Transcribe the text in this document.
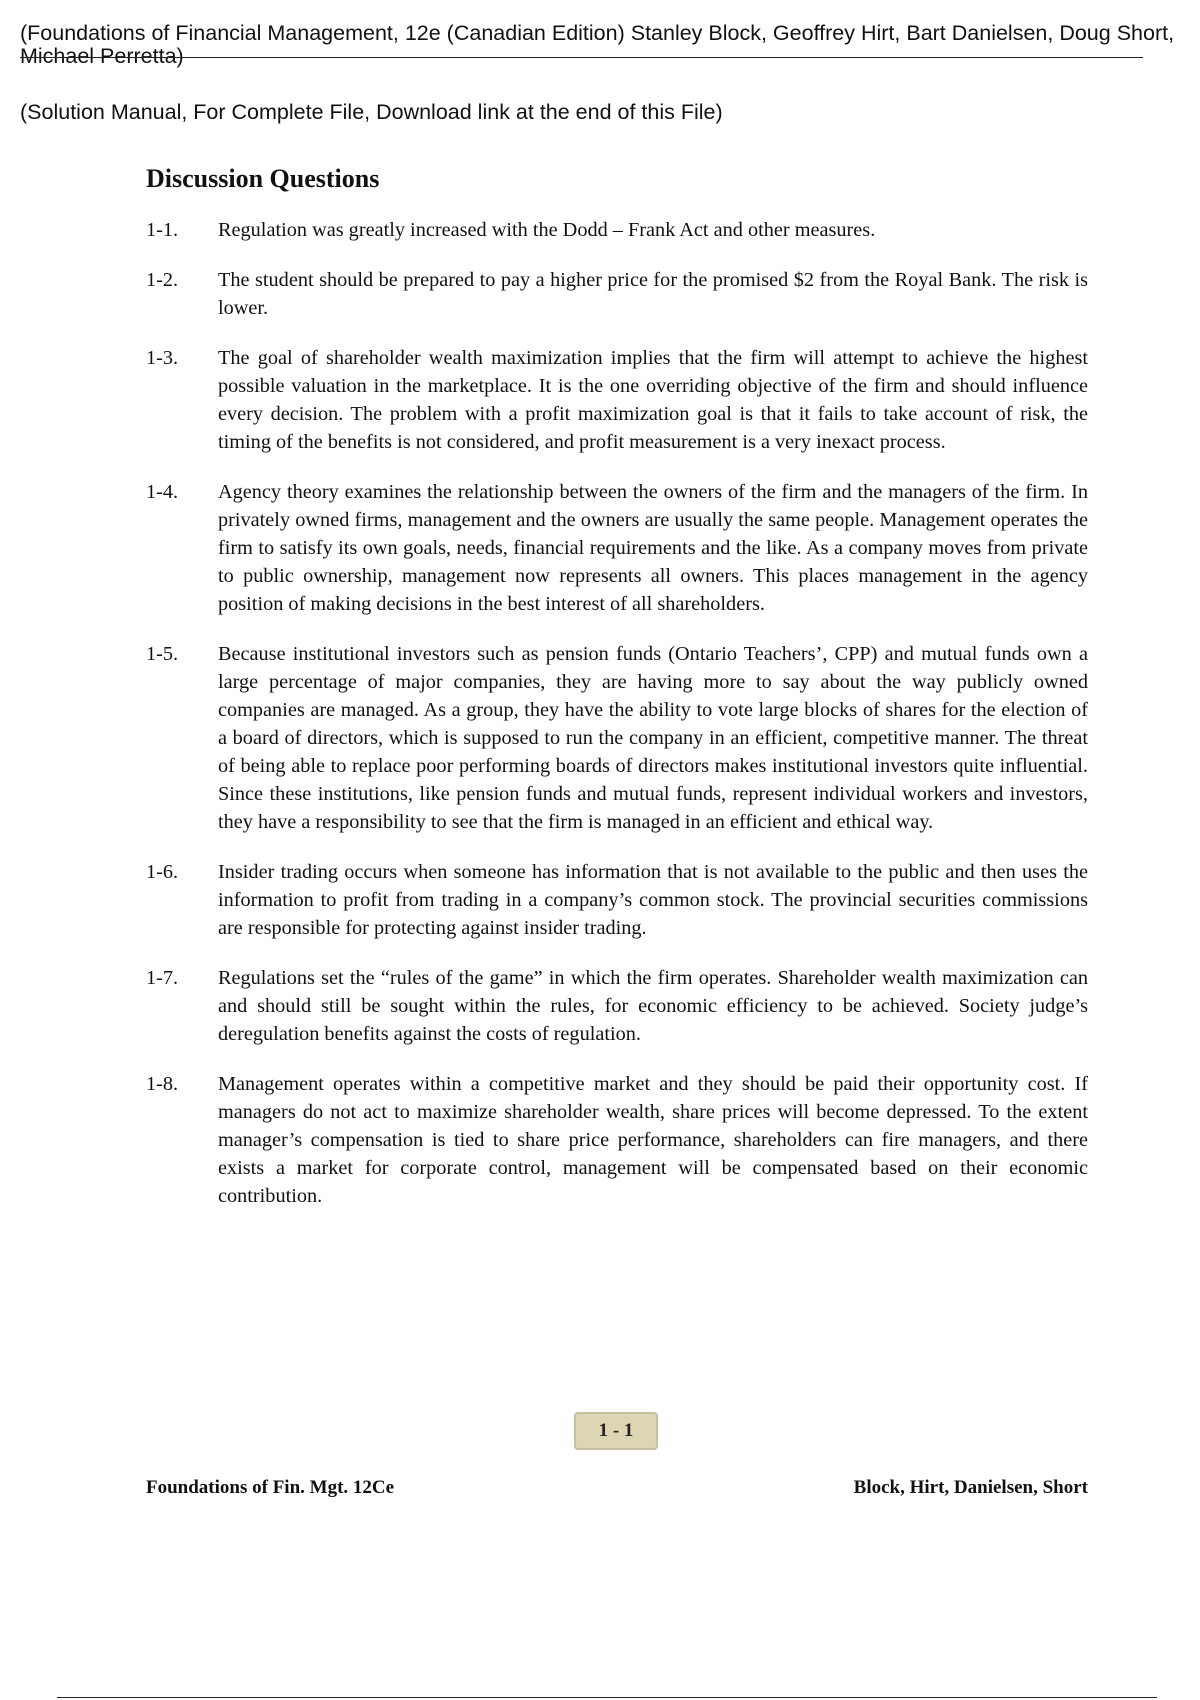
(Foundations of Financial Management, 12e (Canadian Edition) Stanley Block, Geoffrey Hirt, Bart Danielsen, Doug Short, Michael Perretta)
(Solution Manual, For Complete File, Download link at the end of this File)
Discussion Questions
1-1.	Regulation was greatly increased with the Dodd – Frank Act and other measures.
1-2.	The student should be prepared to pay a higher price for the promised $2 from the Royal Bank. The risk is lower.
1-3.	The goal of shareholder wealth maximization implies that the firm will attempt to achieve the highest possible valuation in the marketplace. It is the one overriding objective of the firm and should influence every decision. The problem with a profit maximization goal is that it fails to take account of risk, the timing of the benefits is not considered, and profit measurement is a very inexact process.
1-4.	Agency theory examines the relationship between the owners of the firm and the managers of the firm. In privately owned firms, management and the owners are usually the same people. Management operates the firm to satisfy its own goals, needs, financial requirements and the like. As a company moves from private to public ownership, management now represents all owners. This places management in the agency position of making decisions in the best interest of all shareholders.
1-5.	Because institutional investors such as pension funds (Ontario Teachers’, CPP) and mutual funds own a large percentage of major companies, they are having more to say about the way publicly owned companies are managed. As a group, they have the ability to vote large blocks of shares for the election of a board of directors, which is supposed to run the company in an efficient, competitive manner. The threat of being able to replace poor performing boards of directors makes institutional investors quite influential. Since these institutions, like pension funds and mutual funds, represent individual workers and investors, they have a responsibility to see that the firm is managed in an efficient and ethical way.
1-6.	Insider trading occurs when someone has information that is not available to the public and then uses the information to profit from trading in a company’s common stock. The provincial securities commissions are responsible for protecting against insider trading.
1-7.	Regulations set the “rules of the game” in which the firm operates. Shareholder wealth maximization can and should still be sought within the rules, for economic efficiency to be achieved. Society judge’s deregulation benefits against the costs of regulation.
1-8.	Management operates within a competitive market and they should be paid their opportunity cost. If managers do not act to maximize shareholder wealth, share prices will become depressed. To the extent manager’s compensation is tied to share price performance, shareholders can fire managers, and there exists a market for corporate control, management will be compensated based on their economic contribution.
1 - 1
Foundations of Fin. Mgt. 12Ce	Block, Hirt, Danielsen, Short
